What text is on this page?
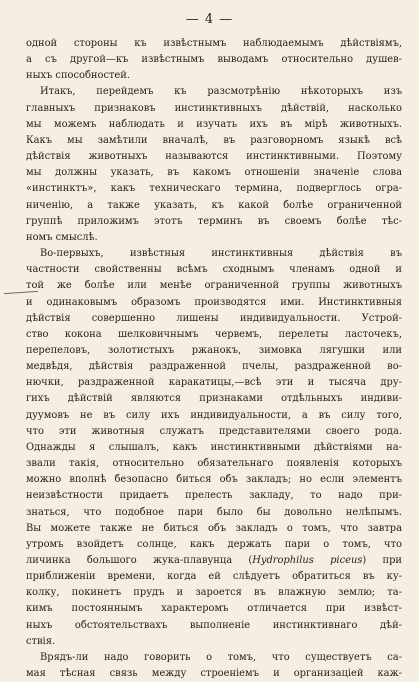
— 4 —
одной стороны къ извѣстнымъ наблюдаемымъ дѣйствіямъ,
а съ другой—къ извѣстнымъ выводамъ относительно душев-
ныхъ способностей.
Итакъ, перейдемъ къ разсмотрѣнію нѣкоторыхъ изъ
главныхъ признаковъ инстинктивныхъ дѣйствій, насколько
мы можемъ наблюдать и изучать ихъ въ мірѣ животныхъ.
Какъ мы замѣтили вначалѣ, въ разговорномъ языкѣ всѣ
дѣйствія животныхъ называются инстинктивными. Поэтому
мы должны указать, въ какомъ отношеніи значеніе слова
«инстинктъ», какъ техническаго термина, подверглось огра-
ниченію, а также указать, къ какой болѣе ограниченной
группѣ приложимъ этотъ терминъ въ своемъ болѣе тѣс-
номъ смыслѣ.
Во-первыхъ, извѣстныя инстинктивныя дѣйствія въ
частности свойственны всѣмъ сходнымъ членамъ одной и
той же болѣе или менѣе ограниченной группы животныхъ
и одинаковымъ образомъ производятся ими. Инстинктивныя
дѣйствія совершенно лишены индивидуальности. Устрой-
ство кокона шелковичнымъ червемъ, перелеты ласточекъ,
перепеловъ, золотистыхъ ржанокъ, зимовка лягушки или
медвѣдя, дѣйствія раздраженной пчелы, раздраженной во-
нючки, раздраженной каракатицы,—всѣ эти и тысяча дру-
гихъ дѣйствій являются признаками отдѣльныхъ индиви-
дуумовъ не въ силу ихъ индивидуальности, а въ силу того,
что эти животныя служатъ представителями своего рода.
Однажды я слышалъ, какъ инстинктивными дѣйствіями на-
звали такія, относительно обязательнаго появленія которыхъ
можно вполнѣ безопасно биться объ закладъ; но если элементъ
неизвѣстности придаетъ прелесть закладу, то надо при-
знаться, что подобное пари было бы довольно нелѣпымъ.
Вы можете также не биться объ закладъ о томъ, что завтра
утромъ взойдетъ солнце, какъ держать пари о томъ, что
личинка большого жука-плавунца (Hydrophilus piceus) при
приближеніи времени, когда ей слѣдуетъ обратиться въ ку-
колку, покинетъ прудъ и зароется въ влажную землю; та-
кимъ постояннымъ характеромъ отличается при извѣст-
ныхъ обстоятельствахъ выполненіе инстинктивнаго дѣй-
ствія.
Врядъ-ли надо говорить о томъ, что существуетъ са-
мая тѣсная связь между строеніемъ и организаціей каж-
